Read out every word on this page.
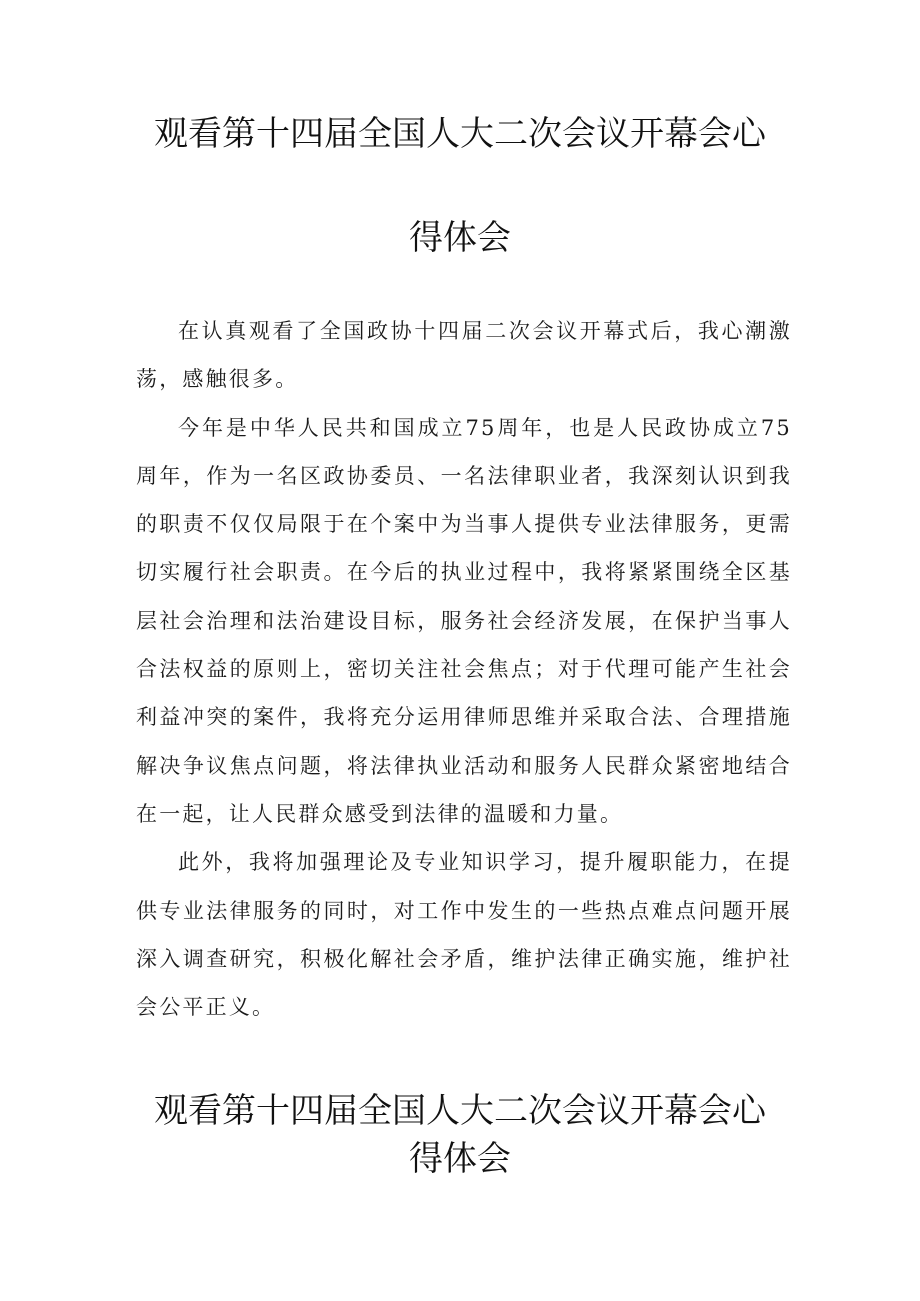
观看第十四届全国人大二次会议开幕会心
得体会

在认真观看了全国政协十四届二次会议开幕式后，我心潮激荡，感触很多。

今年是中华人民共和国成立75周年，也是人民政协成立75周年，作为一名区政协委员、一名法律职业者，我深刻认识到我的职责不仅仅局限于在个案中为当事人提供专业法律服务，更需切实履行社会职责。在今后的执业过程中，我将紧紧围绕全区基层社会治理和法治建设目标，服务社会经济发展，在保护当事人合法权益的原则上，密切关注社会焦点；对于代理可能产生社会利益冲突的案件，我将充分运用律师思维并采取合法、合理措施解决争议焦点问题，将法律执业活动和服务人民群众紧密地结合在一起，让人民群众感受到法律的温暖和力量。

此外，我将加强理论及专业知识学习，提升履职能力，在提供专业法律服务的同时，对工作中发生的一些热点难点问题开展深入调查研究，积极化解社会矛盾，维护法律正确实施，维护社会公平正义。

观看第十四届全国人大二次会议开幕会心
得体会
